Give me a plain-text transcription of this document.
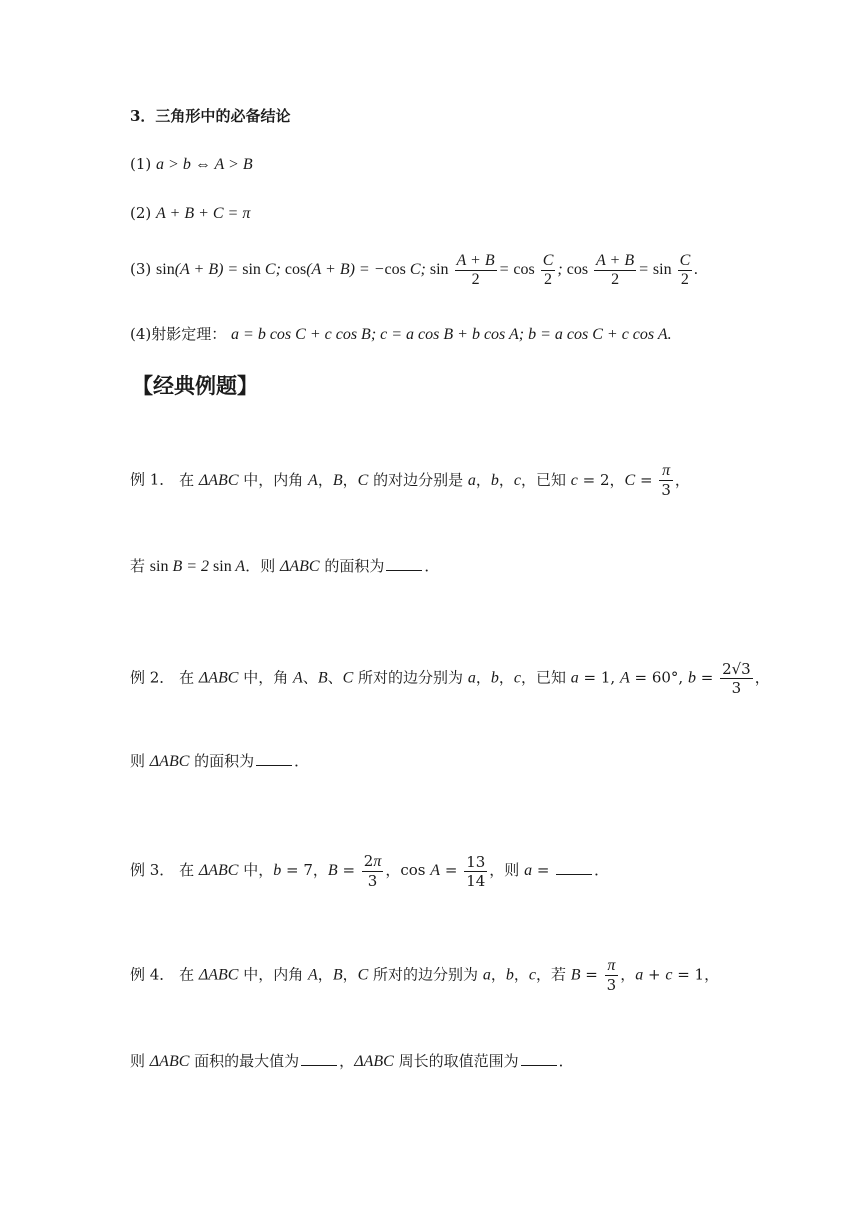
3．三角形中的必备结论
(1) a > b ⇔ A > B
(2) A + B + C = π
(3) sin(A + B) = sin C; cos(A + B) = −cos C; $\sin \frac{A + B}{2} = \cos \frac{C}{2}$ ; $\cos \frac{A + B}{2} = \sin \frac{C}{2}$ .
(4)射影定理： a = b cos C + c cos B; c = a cos B + b cos A; b = a cos C + c cos A.
【经典例题】
例 1． 在 ΔABC 中，内角 A，B，C 的对边分别是 a，b，c，已知 c = 2，$C = \frac{\pi}{3}$ ，
若 sin B = 2 sin A．则 ΔABC 的面积为	．
例 2． 在 ΔABC 中，角 A、B、C 所对的边分别为 a，b，c，已知 a = 1, A = 60°, $b = \frac{2√3}{3}$ ，
则 ΔABC 的面积为	．
例 3． 在 ΔABC 中，b = 7，$B = \frac{2\pi}{3}$ ，$\cos A = \frac{13}{14}$ ，则 a =	．
例 4． 在 ΔABC 中，内角 A，B，C 所对的边分别为 a，b，c，若 $B = \frac{\pi}{3}$ ，a + c = 1，
则 ΔABC 面积的最大值为	，ΔABC 周长的取值范围为	．
